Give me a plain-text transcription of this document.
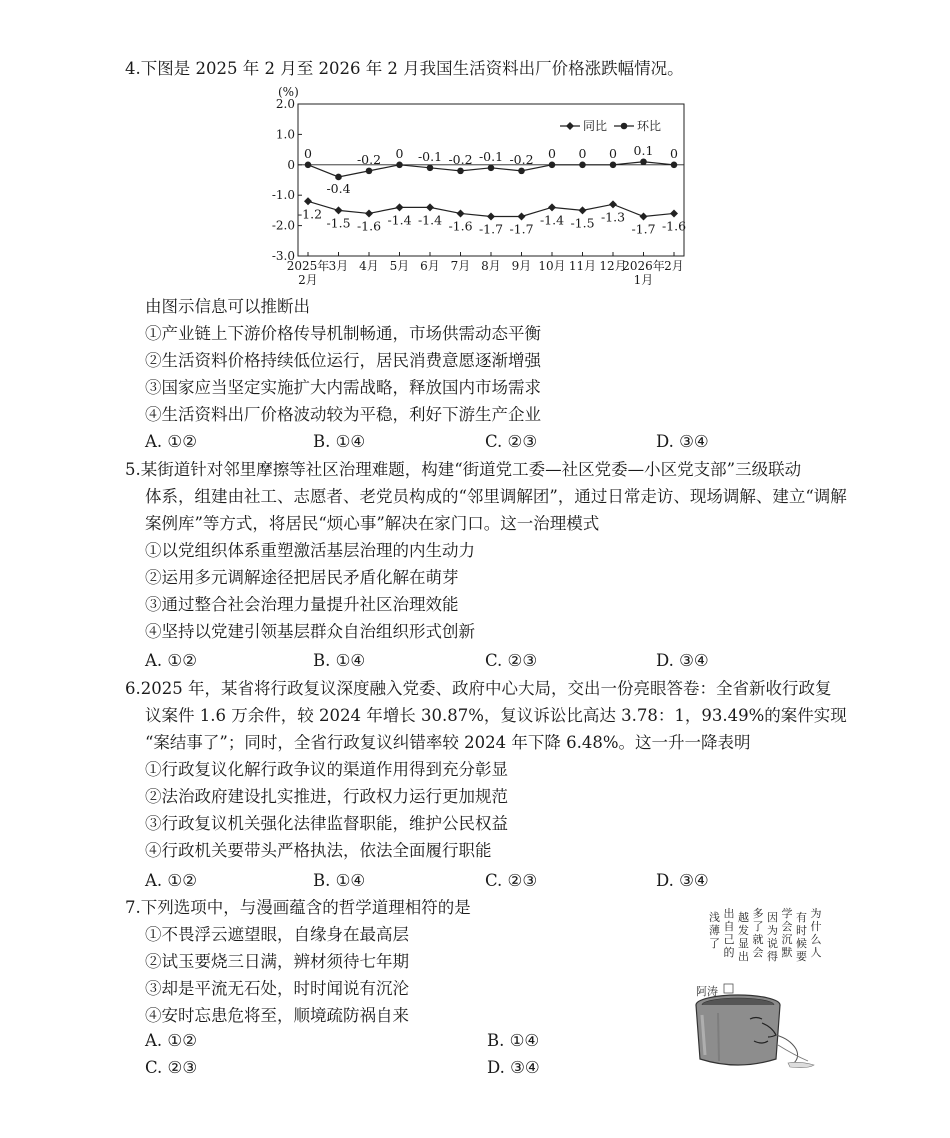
4.下图是 2025 年 2 月至 2026 年 2 月我国生活资料出厂价格涨跌幅情况。
2.0
1.0
0
-1.0
-2.0
-3.0
(%)
2025年
2月
3月 4月 5月 6月 7月 8月 9月 10月 11月 12月
2026年
1月
2月
-1.2
-1.5 -1.6 -1.4 -1.4 -1.6 -1.7 -1.7
-1.4 -1.5 -1.3
-1.7 -1.6
0
-0.4
-0.2 0 -0.1 -0.2 -0.1 -0.2 0 0 0 0.1 0
同比 环比
由图示信息可以推断出
①产业链上下游价格传导机制畅通，市场供需动态平衡
②生活资料价格持续低位运行，居民消费意愿逐渐增强
③国家应当坚定实施扩大内需战略，释放国内市场需求
④生活资料出厂价格波动较为平稳，利好下游生产企业
A. ①②	B. ①④	C. ②③	D. ③④
5.某街道针对邻里摩擦等社区治理难题，构建“街道党工委—社区党委—小区党支部”三级联动
体系，组建由社工、志愿者、老党员构成的“邻里调解团”，通过日常走访、现场调解、建立“调解
案例库”等方式，将居民“烦心事”解决在家门口。这一治理模式
①以党组织体系重塑激活基层治理的内生动力
②运用多元调解途径把居民矛盾化解在萌芽
③通过整合社会治理力量提升社区治理效能
④坚持以党建引领基层群众自治组织形式创新
A. ①②	B. ①④	C. ②③	D. ③④
6.2025 年，某省将行政复议深度融入党委、政府中心大局，交出一份亮眼答卷：全省新收行政复
议案件 1.6 万余件，较 2024 年增长 30.87%，复议诉讼比高达 3.78：1，93.49%的案件实现
“案结事了”；同时，全省行政复议纠错率较 2024 年下降 6.48%。这一升一降表明
①行政复议化解行政争议的渠道作用得到充分彰显
②法治政府建设扎实推进，行政权力运行更加规范
③行政复议机关强化法律监督职能，维护公民权益
④行政机关要带头严格执法，依法全面履行职能
A. ①②	B. ①④	C. ②③	D. ③④
7.下列选项中，与漫画蕴含的哲学道理相符的是
①不畏浮云遮望眼，自缘身在最高层
②试玉要烧三日满，辨材须待七年期
③却是平流无石处，时时闻说有沉沦
④安时忘患危将至，顺境疏防祸自来
A. ①②	B. ①④
C. ②③	D. ③④
为
什
么
人
有
时
候
要
学
会
沉
默
因
为
说
得
多
了
就
会
越
发
显
出
出
自
己
的
浅
薄
了
阿涛
